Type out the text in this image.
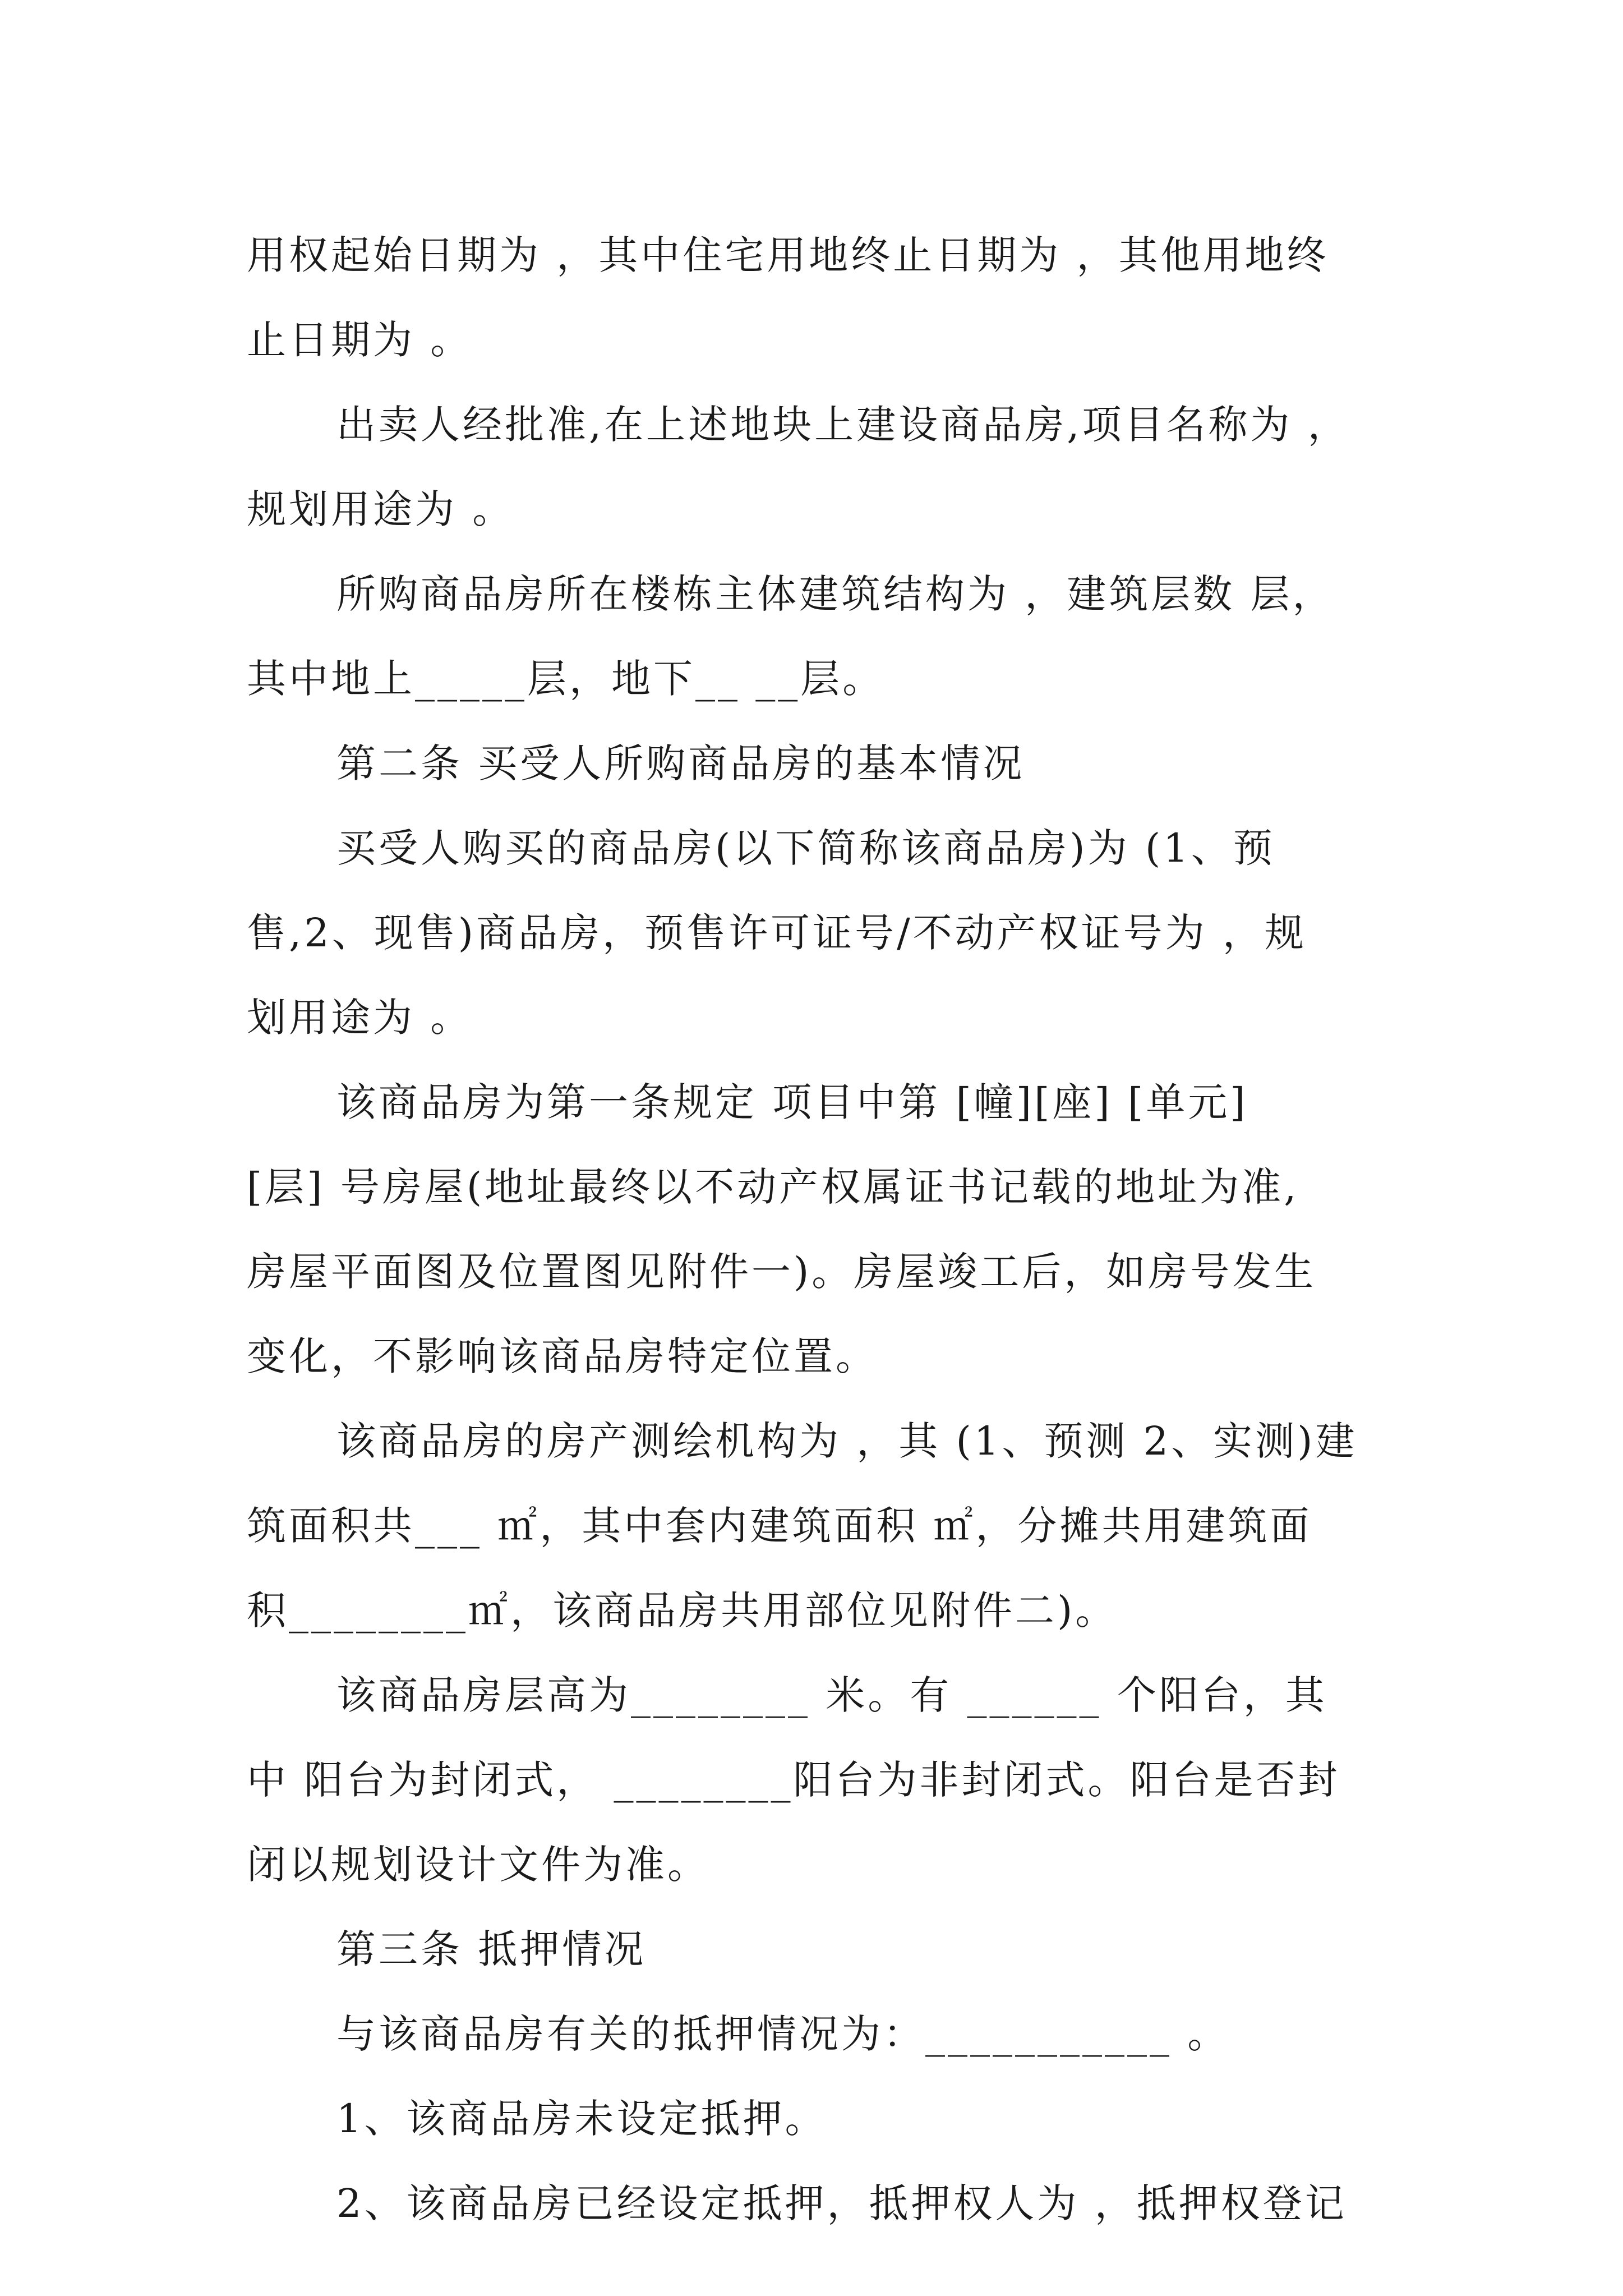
用权起始日期为 ，其中住宅用地终止日期为 ，其他用地终
止日期为 。
出卖人经批准,在上述地块上建设商品房,项目名称为 ，
规划用途为 。
所购商品房所在楼栋主体建筑结构为 ，建筑层数 层，
其中地上_____层，地下__ __层。
第二条 买受人所购商品房的基本情况
买受人购买的商品房(以下简称该商品房)为 (1、预
售,2、现售)商品房，预售许可证号/不动产权证号为 ，规
划用途为 。
该商品房为第一条规定 项目中第 [幢][座] [单元]
[层] 号房屋(地址最终以不动产权属证书记载的地址为准,
房屋平面图及位置图见附件一)。房屋竣工后，如房号发生
变化，不影响该商品房特定位置。
该商品房的房产测绘机构为 ，其 (1、预测 2、实测)建
筑面积共___ ㎡，其中套内建筑面积 ㎡，分摊共用建筑面
积________㎡，该商品房共用部位见附件二)。
该商品房层高为________ 米。有 ______ 个阳台，其
中 阳台为封闭式， ________阳台为非封闭式。阳台是否封
闭以规划设计文件为准。
第三条 抵押情况
与该商品房有关的抵押情况为：___________ 。
1、该商品房未设定抵押。
2、该商品房已经设定抵押，抵押权人为 ，抵押权登记
